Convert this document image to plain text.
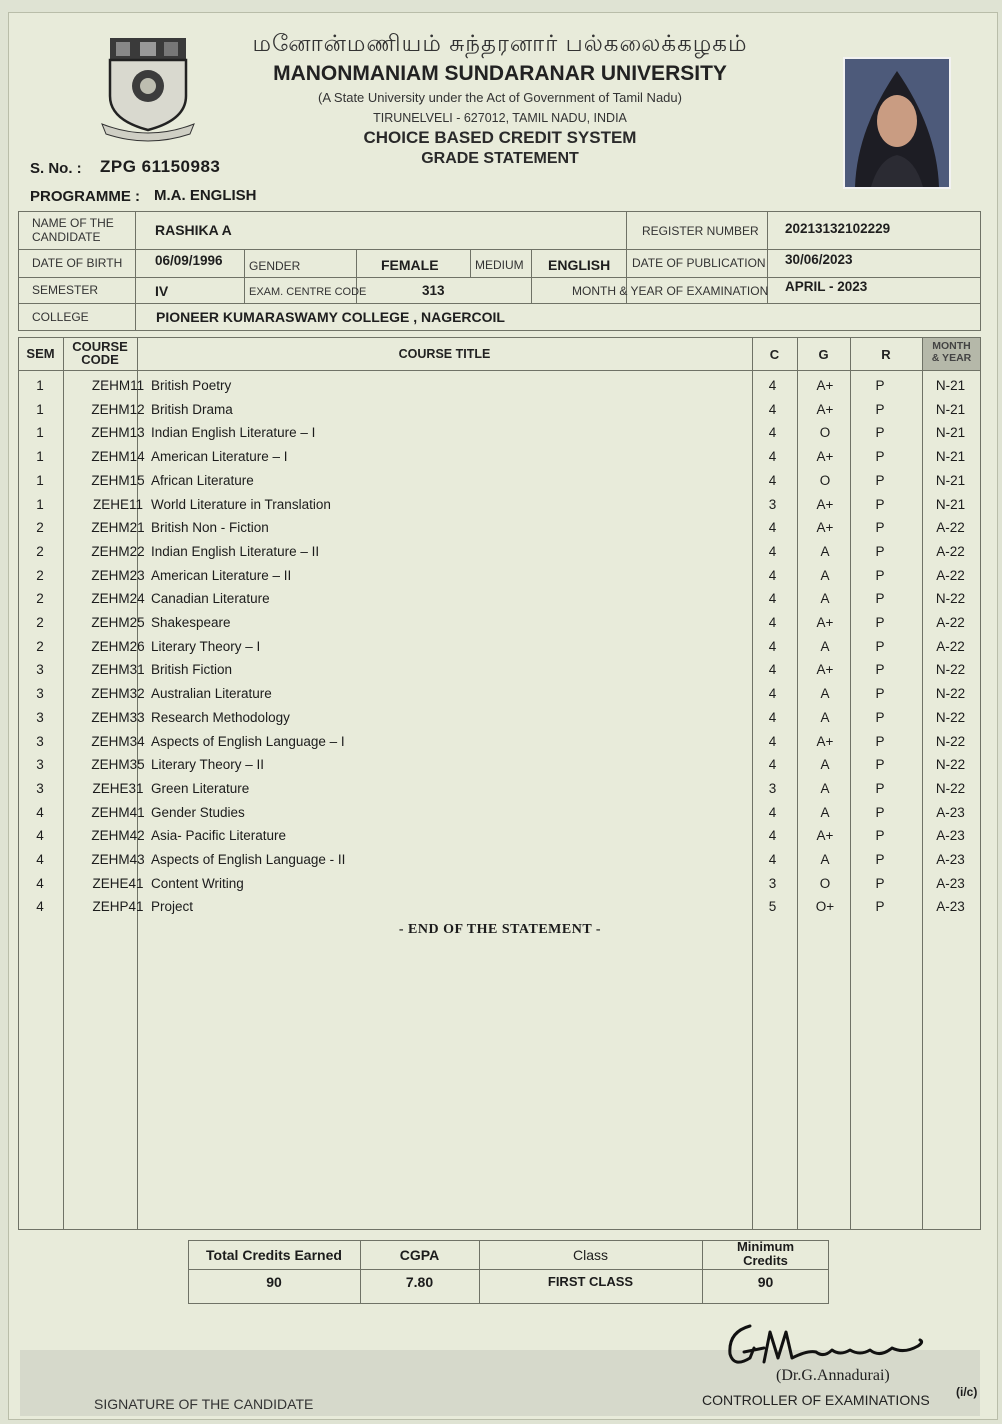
மனோன்மணியம் சுந்தரனார் பல்கலைக்கழகம்
MANONMANIAM SUNDARANAR UNIVERSITY
(A State University under the Act of Government of Tamil Nadu)
TIRUNELVELI - 627012, TAMIL NADU, INDIA
CHOICE BASED CREDIT SYSTEM
GRADE STATEMENT
S. No. : ZPG 61150983
PROGRAMME : M.A. ENGLISH
NAME OF THE CANDIDATE	RASHIKA A	REGISTER NUMBER 20213132102229
DATE OF BIRTH 06/09/1996 GENDER	FEMALE	MEDIUM ENGLISH DATE OF PUBLICATION 30/06/2023
SEMESTER	IV	EXAM. CENTRE CODE	313	MONTH & YEAR OF EXAMINATION APRIL - 2023
COLLEGE	PIONEER KUMARASWAMY COLLEGE , NAGERCOIL
SEM	COURSE
CODE	COURSE TITLE	C	G	R
MONTH
& YEAR
1	ZEHM11 British Poetry	4	A+	P	N-21
1	ZEHM12 British Drama	4	A+	P	N-21
1	ZEHM13 Indian English Literature – I	4	O	P	N-21
1	ZEHM14 American Literature – I	4	A+	P	N-21
1	ZEHM15 African Literature	4	O	P	N-21
1	ZEHE11 World Literature in Translation	3	A+	P	N-21
2	ZEHM21 British Non - Fiction	4	A+	P	A-22
2	ZEHM22 Indian English Literature – II	4	A	P	A-22
2	ZEHM23 American Literature – II	4	A	P	A-22
2	ZEHM24 Canadian Literature	4	A	P	N-22
2	ZEHM25 Shakespeare	4	A+	P	A-22
2	ZEHM26 Literary Theory – I	4	A	P	A-22
3	ZEHM31 British Fiction	4	A+	P	N-22
3	ZEHM32 Australian Literature	4	A	P	N-22
3	ZEHM33 Research Methodology	4	A	P	N-22
3	ZEHM34 Aspects of English Language – I	4	A+	P	N-22
3	ZEHM35 Literary Theory – II	4	A	P	N-22
3	ZEHE31 Green Literature	3	A	P	N-22
4	ZEHM41 Gender Studies	4	A	P	A-23
4	ZEHM42 Asia- Pacific Literature	4	A+	P	A-23
4	ZEHM43 Aspects of English Language - II	4	A	P	A-23
4	ZEHE41 Content Writing	3	O	P	A-23
4	ZEHP41 Project	5	O+	P	A-23
- END OF THE STATEMENT -
Total Credits Earned	CGPA	Class
Minimum
Credits
90	7.80	FIRST CLASS	90
(Dr.G.Annadurai)
CONTROLLER OF EXAMINATIONS (i/c)
SIGNATURE OF THE CANDIDATE
